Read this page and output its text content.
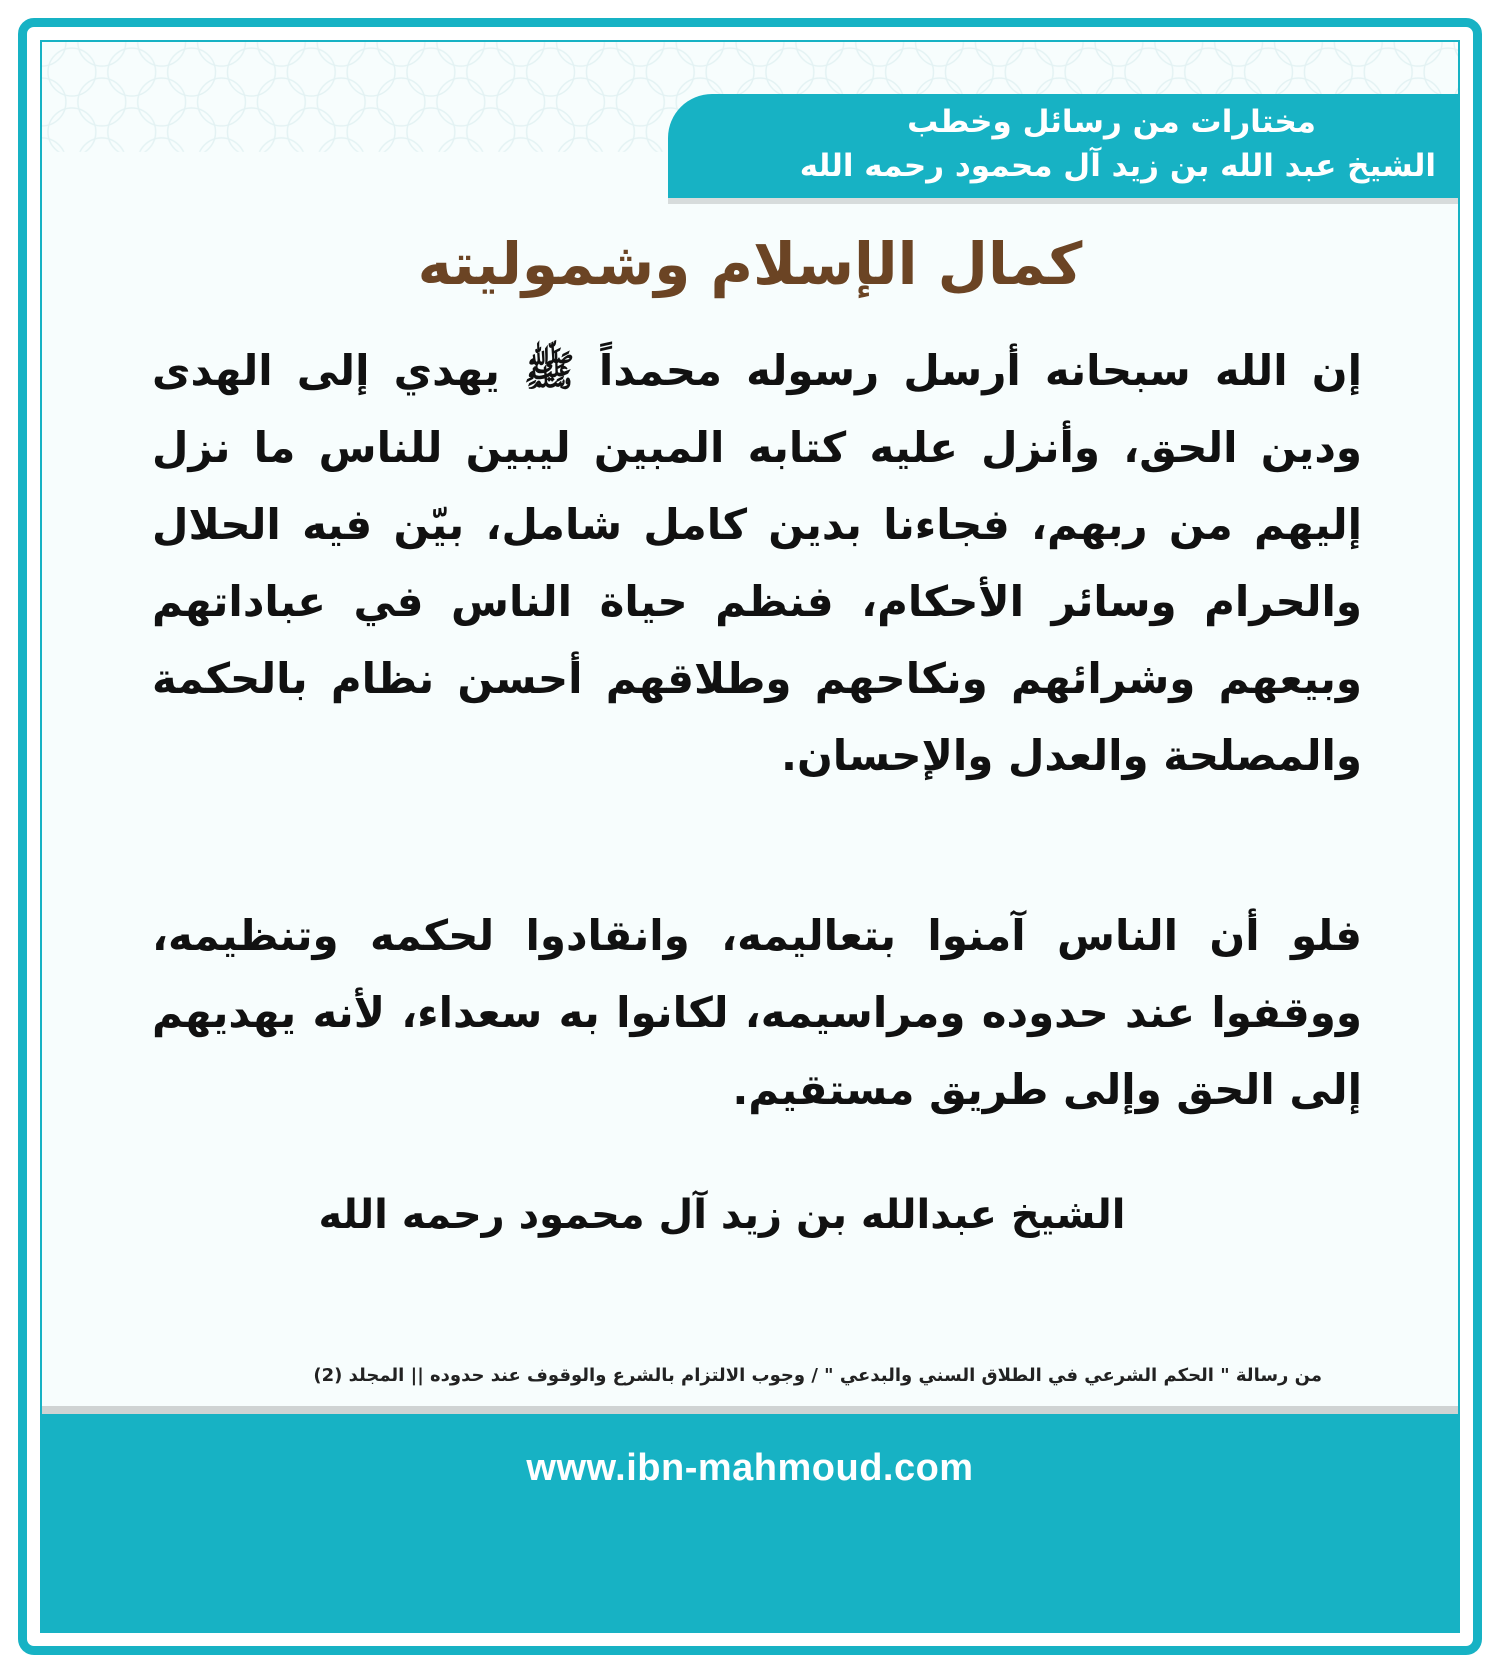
مختارات من رسائل وخطب
الشيخ عبد الله بن زيد آل محمود رحمه الله
كمال الإسلام وشموليته
إن الله سبحانه أرسل رسوله محمداً ﷺ يهدي إلى الهدى ودين الحق، وأنزل عليه كتابه المبين ليبين للناس ما نزل إليهم من ربهم، فجاءنا بدين كامل شامل، بيّن فيه الحلال والحرام وسائر الأحكام، فنظم حياة الناس في عباداتهم وبيعهم وشرائهم ونكاحهم وطلاقهم أحسن نظام بالحكمة والمصلحة والعدل والإحسان.
فلو أن الناس آمنوا بتعاليمه، وانقادوا لحكمه وتنظيمه، ووقفوا عند حدوده ومراسيمه، لكانوا به سعداء، لأنه يهديهم إلى الحق وإلى طريق مستقيم.
الشيخ عبدالله بن زيد آل محمود رحمه الله
من رسالة " الحكم الشرعي في الطلاق السني والبدعي " / وجوب الالتزام بالشرع والوقوف عند حدوده || المجلد (2)
www.ibn-mahmoud.com
